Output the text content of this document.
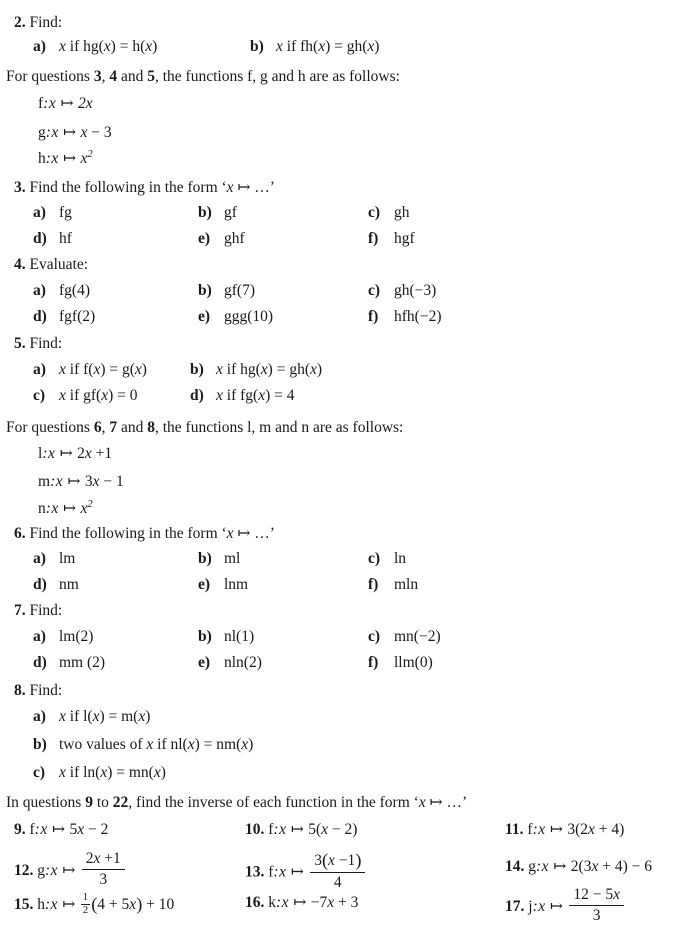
2. Find:
a) x if hg(x) = h(x)	b) x if fh(x) = gh(x)
For questions 3, 4 and 5, the functions f, g and h are as follows:
f:x ↦ 2x
g:x ↦ x − 3
h:x ↦ $x^2$
3. Find the following in the form ‘x ↦ …’
a) fg	b) gf	c) gh
d) hf	e) ghf	f) hgf
4. Evaluate:
a) fg(4)	b) gf(7)	c) gh(−3)
d) fgf(2)	e) ggg(10)	f) hfh(−2)
5. Find:
a) x if f(x) = g(x)	b) x if hg(x) = gh(x)
c) x if gf(x) = 0	d) x if fg(x) = 4
For questions 6, 7 and 8, the functions l, m and n are as follows:
l:x ↦ 2x +1
m:x ↦ 3x − 1
n:x ↦ $x^2$
6. Find the following in the form ‘x ↦ …’
a) lm	b) ml	c) ln
d) nm	e) lnm	f) mln
7. Find:
a) lm(2)	b) nl(1)	c) mn(−2)
d) mm (2)	e) nln(2)	f) llm(0)
8. Find:
a) x if l(x) = m(x)
b) two values of x if nl(x) = nm(x)
c) x if ln(x) = mn(x)
In questions 9 to 22, find the inverse of each function in the form ‘x ↦ …’
9. f:x ↦ 5x − 2	10. f:x ↦ 5(x − 2)	11. f:x ↦ 3(2x + 4)
12. g:x ↦ $\frac{2x +1}{3}$	13. f:x ↦ $\frac{3(x -1)}{4}$	14. g:x ↦ 2(3x + 4) − 6
15. h:x ↦ $\frac{1}{2} (4 + 5x) + 10$	16. k:x ↦ −7x + 3	17. j:x ↦ $\frac{12 - 5x}{3}$
